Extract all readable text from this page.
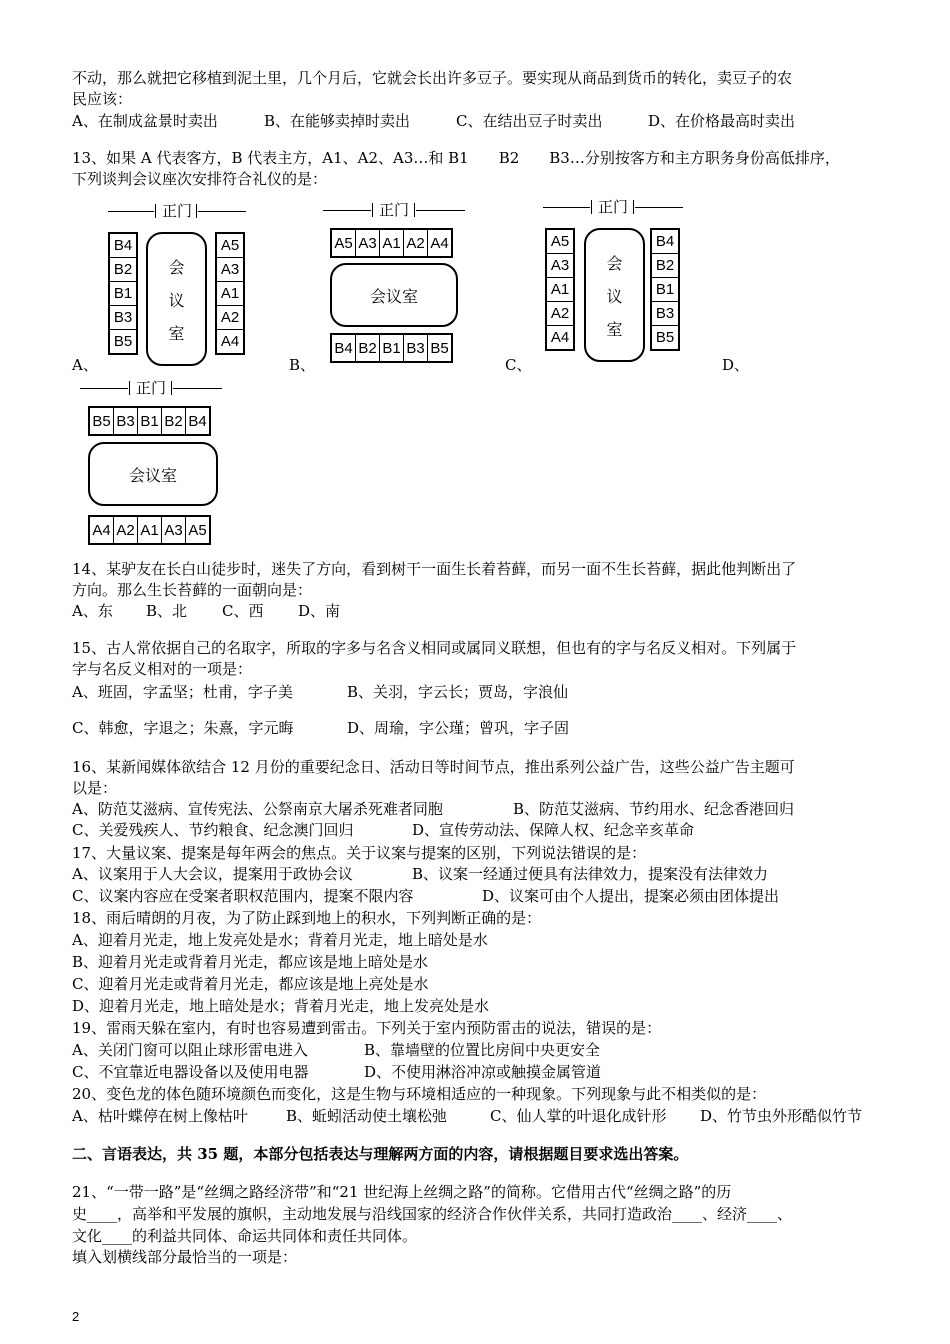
不动，那么就把它移植到泥土里，几个月后，它就会长出许多豆子。要实现从商品到货币的转化，卖豆子的农
民应该：
A、在制成盆景时卖出	B、在能够卖掉时卖出	C、在结出豆子时卖出	D、在价格最高时卖出
13、如果 A 代表客方，B 代表主方，A1、A2、A3…和 B1　　B2　　B3…分别按客方和主方职务身份高低排序，
下列谈判会议座次安排符合礼仪的是：
正门
B4
B2
B1
B3
B5
会
议
室
A5
A3
A1
A2
A4
A、
正门
A5 A3 A1 A2 A4
会议室
B4 B2 B1 B3 B5
B、
正门
A5
A3
A1
A2
A4
会
议
室
B4
B2
B1
B3
B5
C、	D、
正门
B5 B3 B1 B2 B4
会议室
A4 A2 A1 A3 A5
14、某驴友在长白山徒步时，迷失了方向，看到树干一面生长着苔藓，而另一面不生长苔藓，据此他判断出了
方向。那么生长苔藓的一面朝向是：
A、东 B、北 C、西 D、南
15、古人常依据自己的名取字，所取的字多与名含义相同或属同义联想，但也有的字与名反义相对。下列属于
字与名反义相对的一项是：
A、班固，字孟坚；杜甫，字子美	B、关羽，字云长；贾岛，字浪仙
C、韩愈，字退之；朱熹，字元晦	D、周瑜，字公瑾；曾巩，字子固
16、某新闻媒体欲结合 12 月份的重要纪念日、活动日等时间节点，推出系列公益广告，这些公益广告主题可
以是：
A、防范艾滋病、宣传宪法、公祭南京大屠杀死难者同胞	B、防范艾滋病、节约用水、纪念香港回归
C、关爱残疾人、节约粮食、纪念澳门回归	D、宣传劳动法、保障人权、纪念辛亥革命
17、大量议案、提案是每年两会的焦点。关于议案与提案的区别，下列说法错误的是：
A、议案用于人大会议，提案用于政协会议	B、议案一经通过便具有法律效力，提案没有法律效力
C、议案内容应在受案者职权范围内，提案不限内容	D、议案可由个人提出，提案必须由团体提出
18、雨后晴朗的月夜，为了防止踩到地上的积水，下列判断正确的是：
A、迎着月光走，地上发亮处是水；背着月光走，地上暗处是水
B、迎着月光走或背着月光走，都应该是地上暗处是水
C、迎着月光走或背着月光走，都应该是地上亮处是水
D、迎着月光走，地上暗处是水；背着月光走，地上发亮处是水
19、雷雨天躲在室内，有时也容易遭到雷击。下列关于室内预防雷击的说法，错误的是：
A、关闭门窗可以阻止球形雷电进入	B、靠墙壁的位置比房间中央更安全
C、不宜靠近电器设备以及使用电器	D、不使用淋浴冲凉或触摸金属管道
20、变色龙的体色随环境颜色而变化，这是生物与环境相适应的一种现象。下列现象与此不相类似的是：
A、枯叶蝶停在树上像枯叶	B、蚯蚓活动使土壤松弛	C、仙人掌的叶退化成针形 D、竹节虫外形酷似竹节
二、言语表达，共 35 题，本部分包括表达与理解两方面的内容，请根据题目要求选出答案。
21、“一带一路”是“丝绸之路经济带”和“21 世纪海上丝绸之路”的简称。它借用古代“丝绸之路”的历
史____，高举和平发展的旗帜，主动地发展与沿线国家的经济合作伙伴关系，共同打造政治____、经济____、
文化____的利益共同体、命运共同体和责任共同体。
填入划横线部分最恰当的一项是：
2
